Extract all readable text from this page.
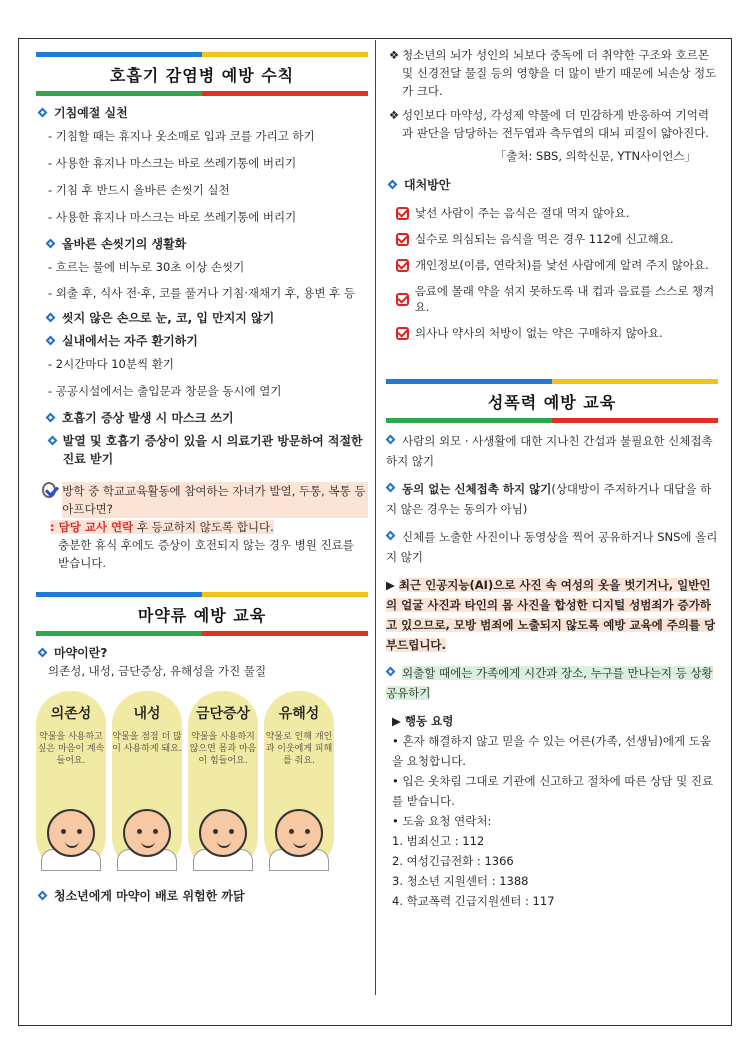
호흡기 감염병 예방 수칙
기침예절 실천
- 기침할 때는 휴지나 옷소매로 입과 코를 가리고 하기
- 사용한 휴지나 마스크는 바로 쓰레기통에 버리기
- 기침 후 반드시 올바른 손씻기 실천
- 사용한 휴지나 마스크는 바로 쓰레기통에 버리기
올바른 손씻기의 생활화
- 흐르는 물에 비누로 30초 이상 손씻기
- 외출 후, 식사 전·후, 코를 풀거나 기침·재채기 후, 용변 후 등
씻지 않은 손으로 눈, 코, 입 만지지 않기
실내에서는 자주 환기하기
- 2시간마다 10분씩 환기
- 공공시설에서는 출입문과 창문을 동시에 열기
호흡기 증상 발생 시 마스크 쓰기
발열 및 호흡기 증상이 있을 시 의료기관 방문하여 적절한 진료 받기
방학 중 학교교육활동에 참여하는 자녀가 발열, 두통, 복통 등 아프다면?
: 담당 교사 연락 후 등교하지 않도록 합니다.
충분한 휴식 후에도 증상이 호전되지 않는 경우 병원 진료를 받습니다.
마약류 예방 교육
마약이란?
의존성, 내성, 금단증상, 유해성을 가진 물질
의존성
약물을 사용하고 싶은 마음이 계속 들어요.
내성
약물을 점점 더 많이 사용하게 돼요.
금단증상
약물을 사용하지 않으면 몸과 마음이 힘들어요.
유해성
약물로 인해 개인과 이웃에게 피해를 줘요.
청소년에게 마약이 배로 위험한 까닭
❖ 청소년의 뇌가 성인의 뇌보다 중독에 더 취약한 구조와 호르몬 및 신경전달 물질 등의 영향을 더 많이 받기 때문에 뇌손상 정도가 크다.
❖ 성인보다 마약성, 각성제 약물에 더 민감하게 반응하여 기억력과 판단을 담당하는 전두엽과 측두엽의 대뇌 피질이 얇아진다.
「출처: SBS, 의학신문, YTN사이언스」
대처방안
낯선 사람이 주는 음식은 절대 먹지 않아요.
실수로 의심되는 음식을 먹은 경우 112에 신고해요.
개인정보(이름, 연락처)를 낯선 사람에게 알려 주지 않아요.
음료에 몰래 약을 섞지 못하도록 내 컵과 음료를 스스로 챙겨요.
의사나 약사의 처방이 없는 약은 구매하지 않아요.
성폭력 예방 교육
사람의 외모 · 사생활에 대한 지나친 간섭과 불필요한 신체접촉 하지 않기
동의 없는 신체접촉 하지 않기(상대방이 주저하거나 대답을 하지 않은 경우는 동의가 아님)
신체를 노출한 사진이나 동영상을 찍어 공유하거나 SNS에 올리지 않기
▶ 최근 인공지능(AI)으로 사진 속 여성의 옷을 벗기거나, 일반인의 얼굴 사진과 타인의 몸 사진을 합성한 디지털 성범죄가 증가하고 있으므로, 모방 범죄에 노출되지 않도록 예방 교육에 주의를 당부드립니다.
외출할 때에는 가족에게 시간과 장소, 누구를 만나는지 등 상황 공유하기
▶ 행동 요령
• 혼자 해결하지 않고 믿을 수 있는 어른(가족, 선생님)에게 도움을 요청합니다.
• 입은 옷차림 그대로 기관에 신고하고 절차에 따른 상담 및 진료를 받습니다.
• 도움 요청 연락처:
1. 범죄신고 : 112
2. 여성긴급전화 : 1366
3. 청소년 지원센터 : 1388
4. 학교폭력 긴급지원센터 : 117
